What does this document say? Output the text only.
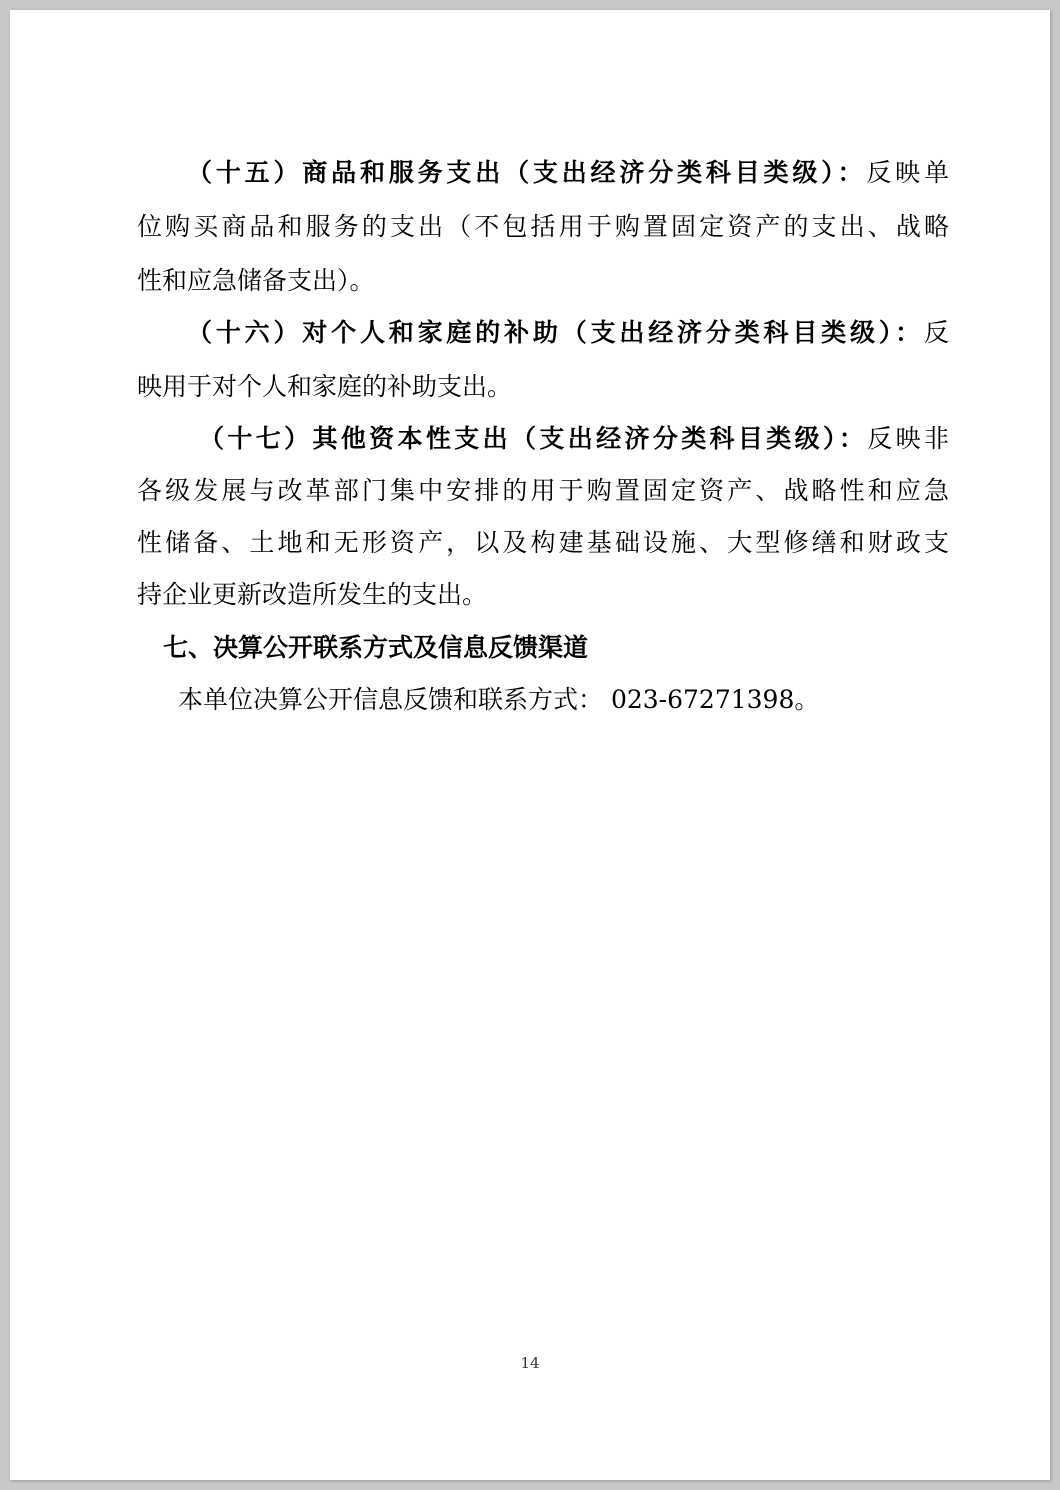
（十五）商品和服务支出（支出经济分类科目类级）：反映单
位购买商品和服务的支出（不包括用于购置固定资产的支出、战略
性和应急储备支出）。
（十六）对个人和家庭的补助（支出经济分类科目类级）：反
映用于对个人和家庭的补助支出。
（十七）其他资本性支出（支出经济分类科目类级）：反映非
各级发展与改革部门集中安排的用于购置固定资产、战略性和应急
性储备、土地和无形资产，以及构建基础设施、大型修缮和财政支
持企业更新改造所发生的支出。
七、决算公开联系方式及信息反馈渠道
本单位决算公开信息反馈和联系方式： 023-67271398。
14
